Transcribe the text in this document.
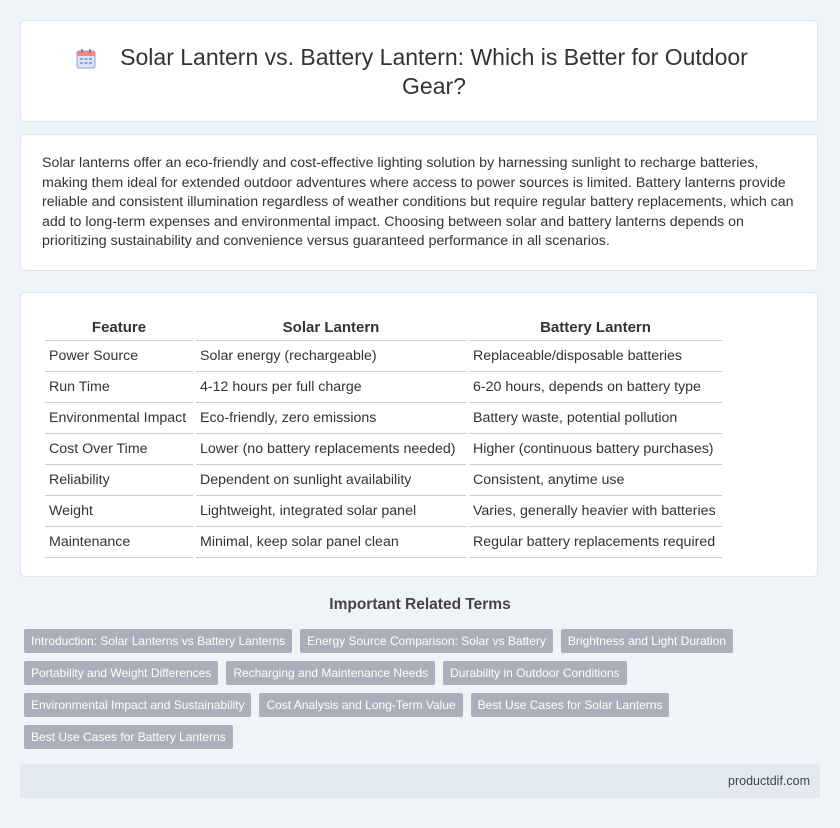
Solar Lantern vs. Battery Lantern: Which is Better for Outdoor Gear?

Solar lanterns offer an eco-friendly and cost-effective lighting solution by harnessing sunlight to recharge batteries, making them ideal for extended outdoor adventures where access to power sources is limited. Battery lanterns provide reliable and consistent illumination regardless of weather conditions but require regular battery replacements, which can add to long-term expenses and environmental impact. Choosing between solar and battery lanterns depends on prioritizing sustainability and convenience versus guaranteed performance in all scenarios.

Feature	Solar Lantern	Battery Lantern
Power Source	Solar energy (rechargeable)	Replaceable/disposable batteries
Run Time	4-12 hours per full charge	6-20 hours, depends on battery type
Environmental Impact	Eco-friendly, zero emissions	Battery waste, potential pollution
Cost Over Time	Lower (no battery replacements needed)	Higher (continuous battery purchases)
Reliability	Dependent on sunlight availability	Consistent, anytime use
Weight	Lightweight, integrated solar panel	Varies, generally heavier with batteries
Maintenance	Minimal, keep solar panel clean	Regular battery replacements required
Important Related Terms
Introduction: Solar Lanterns vs Battery Lanterns	Energy Source Comparison: Solar vs Battery	Brightness and Light Duration
Portability and Weight Differences	Recharging and Maintenance Needs	Durability in Outdoor Conditions
Environmental Impact and Sustainability	Cost Analysis and Long-Term Value	Best Use Cases for Solar Lanterns
Best Use Cases for Battery Lanterns
productdif.com
